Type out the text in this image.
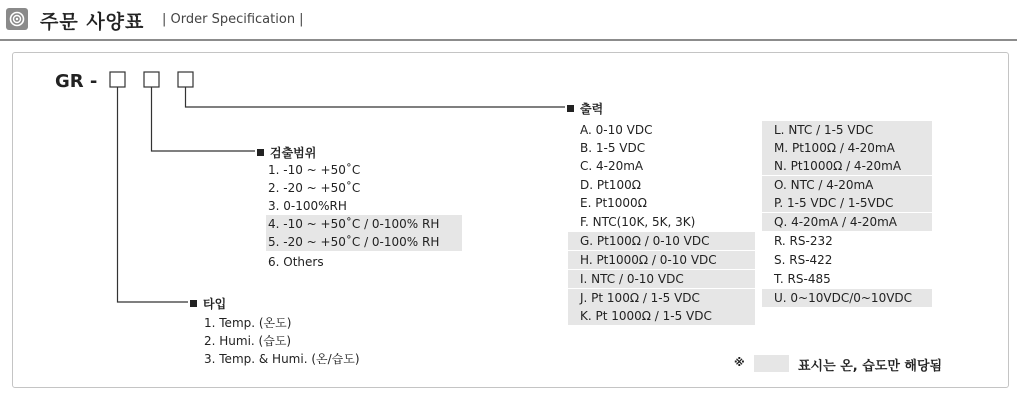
주문 사양표 | Order Specification |
GR -
출력
검출범위
타입
1. -10 ~ +50˚C
2. -20 ~ +50˚C
3. 0-100%RH
4. -10 ~ +50˚C / 0-100% RH
5. -20 ~ +50˚C / 0-100% RH
6. Others
1. Temp. (온도)
2. Humi. (습도)
3. Temp. & Humi. (온/습도)
A. 0-10 VDC
B. 1-5 VDC
C. 4-20mA
D. Pt100Ω
E. Pt1000Ω
F. NTC(10K, 5K, 3K)
G. Pt100Ω / 0-10 VDC
H. Pt1000Ω / 0-10 VDC
I. NTC / 0-10 VDC
J. Pt 100Ω / 1-5 VDC
K. Pt 1000Ω / 1-5 VDC
L. NTC / 1-5 VDC
M. Pt100Ω / 4-20mA
N. Pt1000Ω / 4-20mA
O. NTC / 4-20mA
P. 1-5 VDC / 1-5VDC
Q. 4-20mA / 4-20mA
R. RS-232
S. RS-422
T. RS-485
U. 0~10VDC/0~10VDC
※	표시는 온, 습도만 해당됨
